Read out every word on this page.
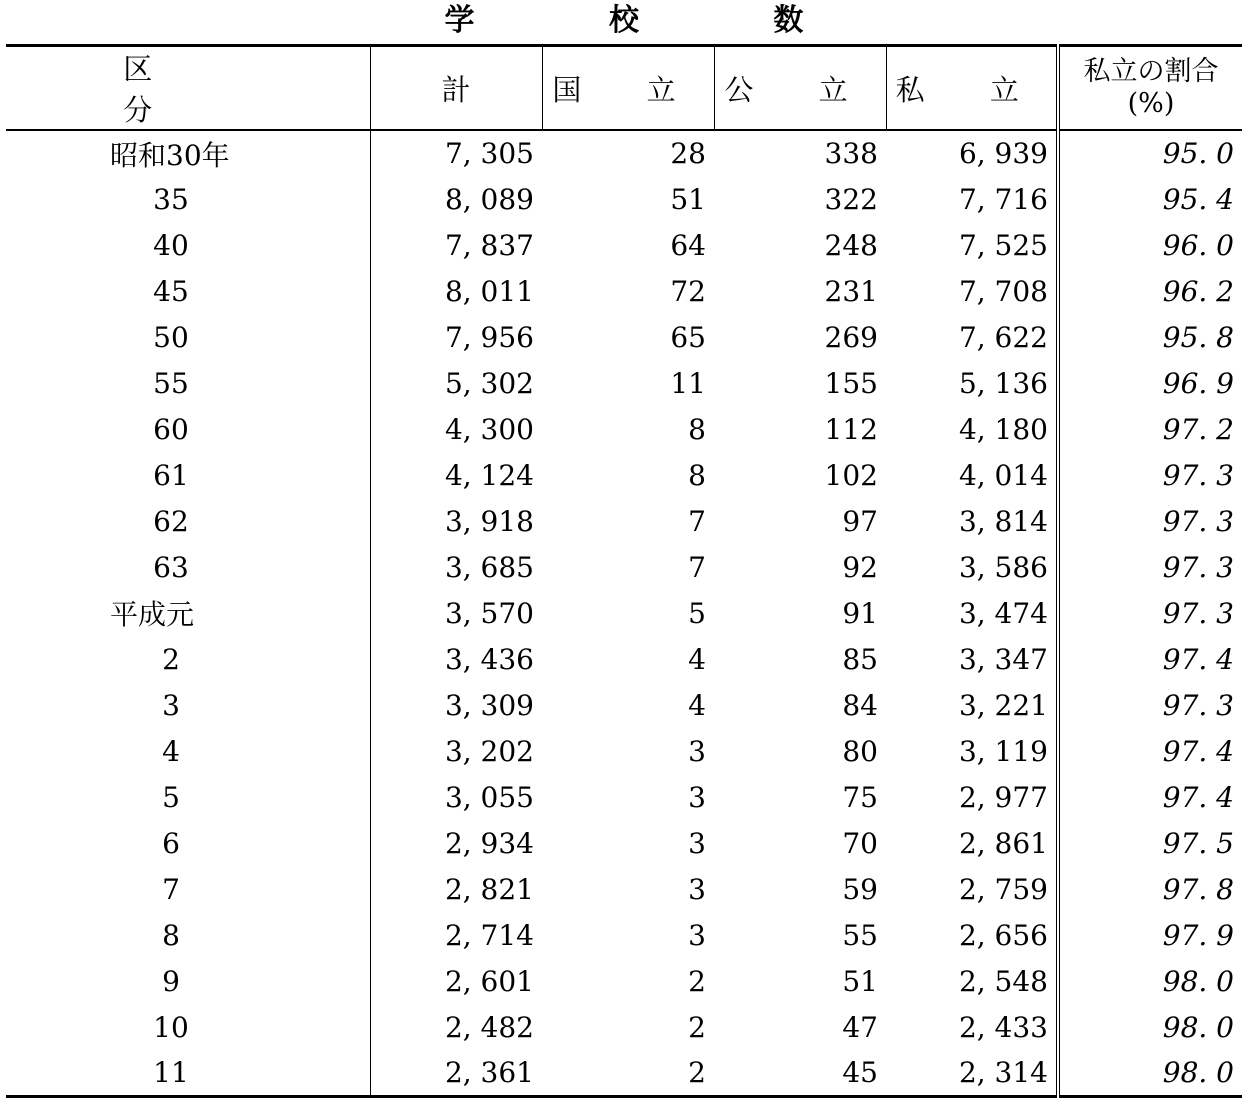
学 校 数
区 分	計	国 立	公 立	私 立	私立の割合
(%)

昭和30年	7, 305	28	338	6, 939	95. 0
35	8, 089	51	322	7, 716	95. 4
40	7, 837	64	248	7, 525	96. 0
45	8, 011	72	231	7, 708	96. 2
50	7, 956	65	269	7, 622	95. 8
55	5, 302	11	155	5, 136	96. 9
60	4, 300	8	112	4, 180	97. 2
61	4, 124	8	102	4, 014	97. 3
62	3, 918	7	97	3, 814	97. 3
63	3, 685	7	92	3, 586	97. 3
平成元	3, 570	5	91	3, 474	97. 3
2	3, 436	4	85	3, 347	97. 4
3	3, 309	4	84	3, 221	97. 3
4	3, 202	3	80	3, 119	97. 4
5	3, 055	3	75	2, 977	97. 4
6	2, 934	3	70	2, 861	97. 5
7	2, 821	3	59	2, 759	97. 8
8	2, 714	3	55	2, 656	97. 9
9	2, 601	2	51	2, 548	98. 0
10	2, 482	2	47	2, 433	98. 0
11	2, 361	2	45	2, 314	98. 0
